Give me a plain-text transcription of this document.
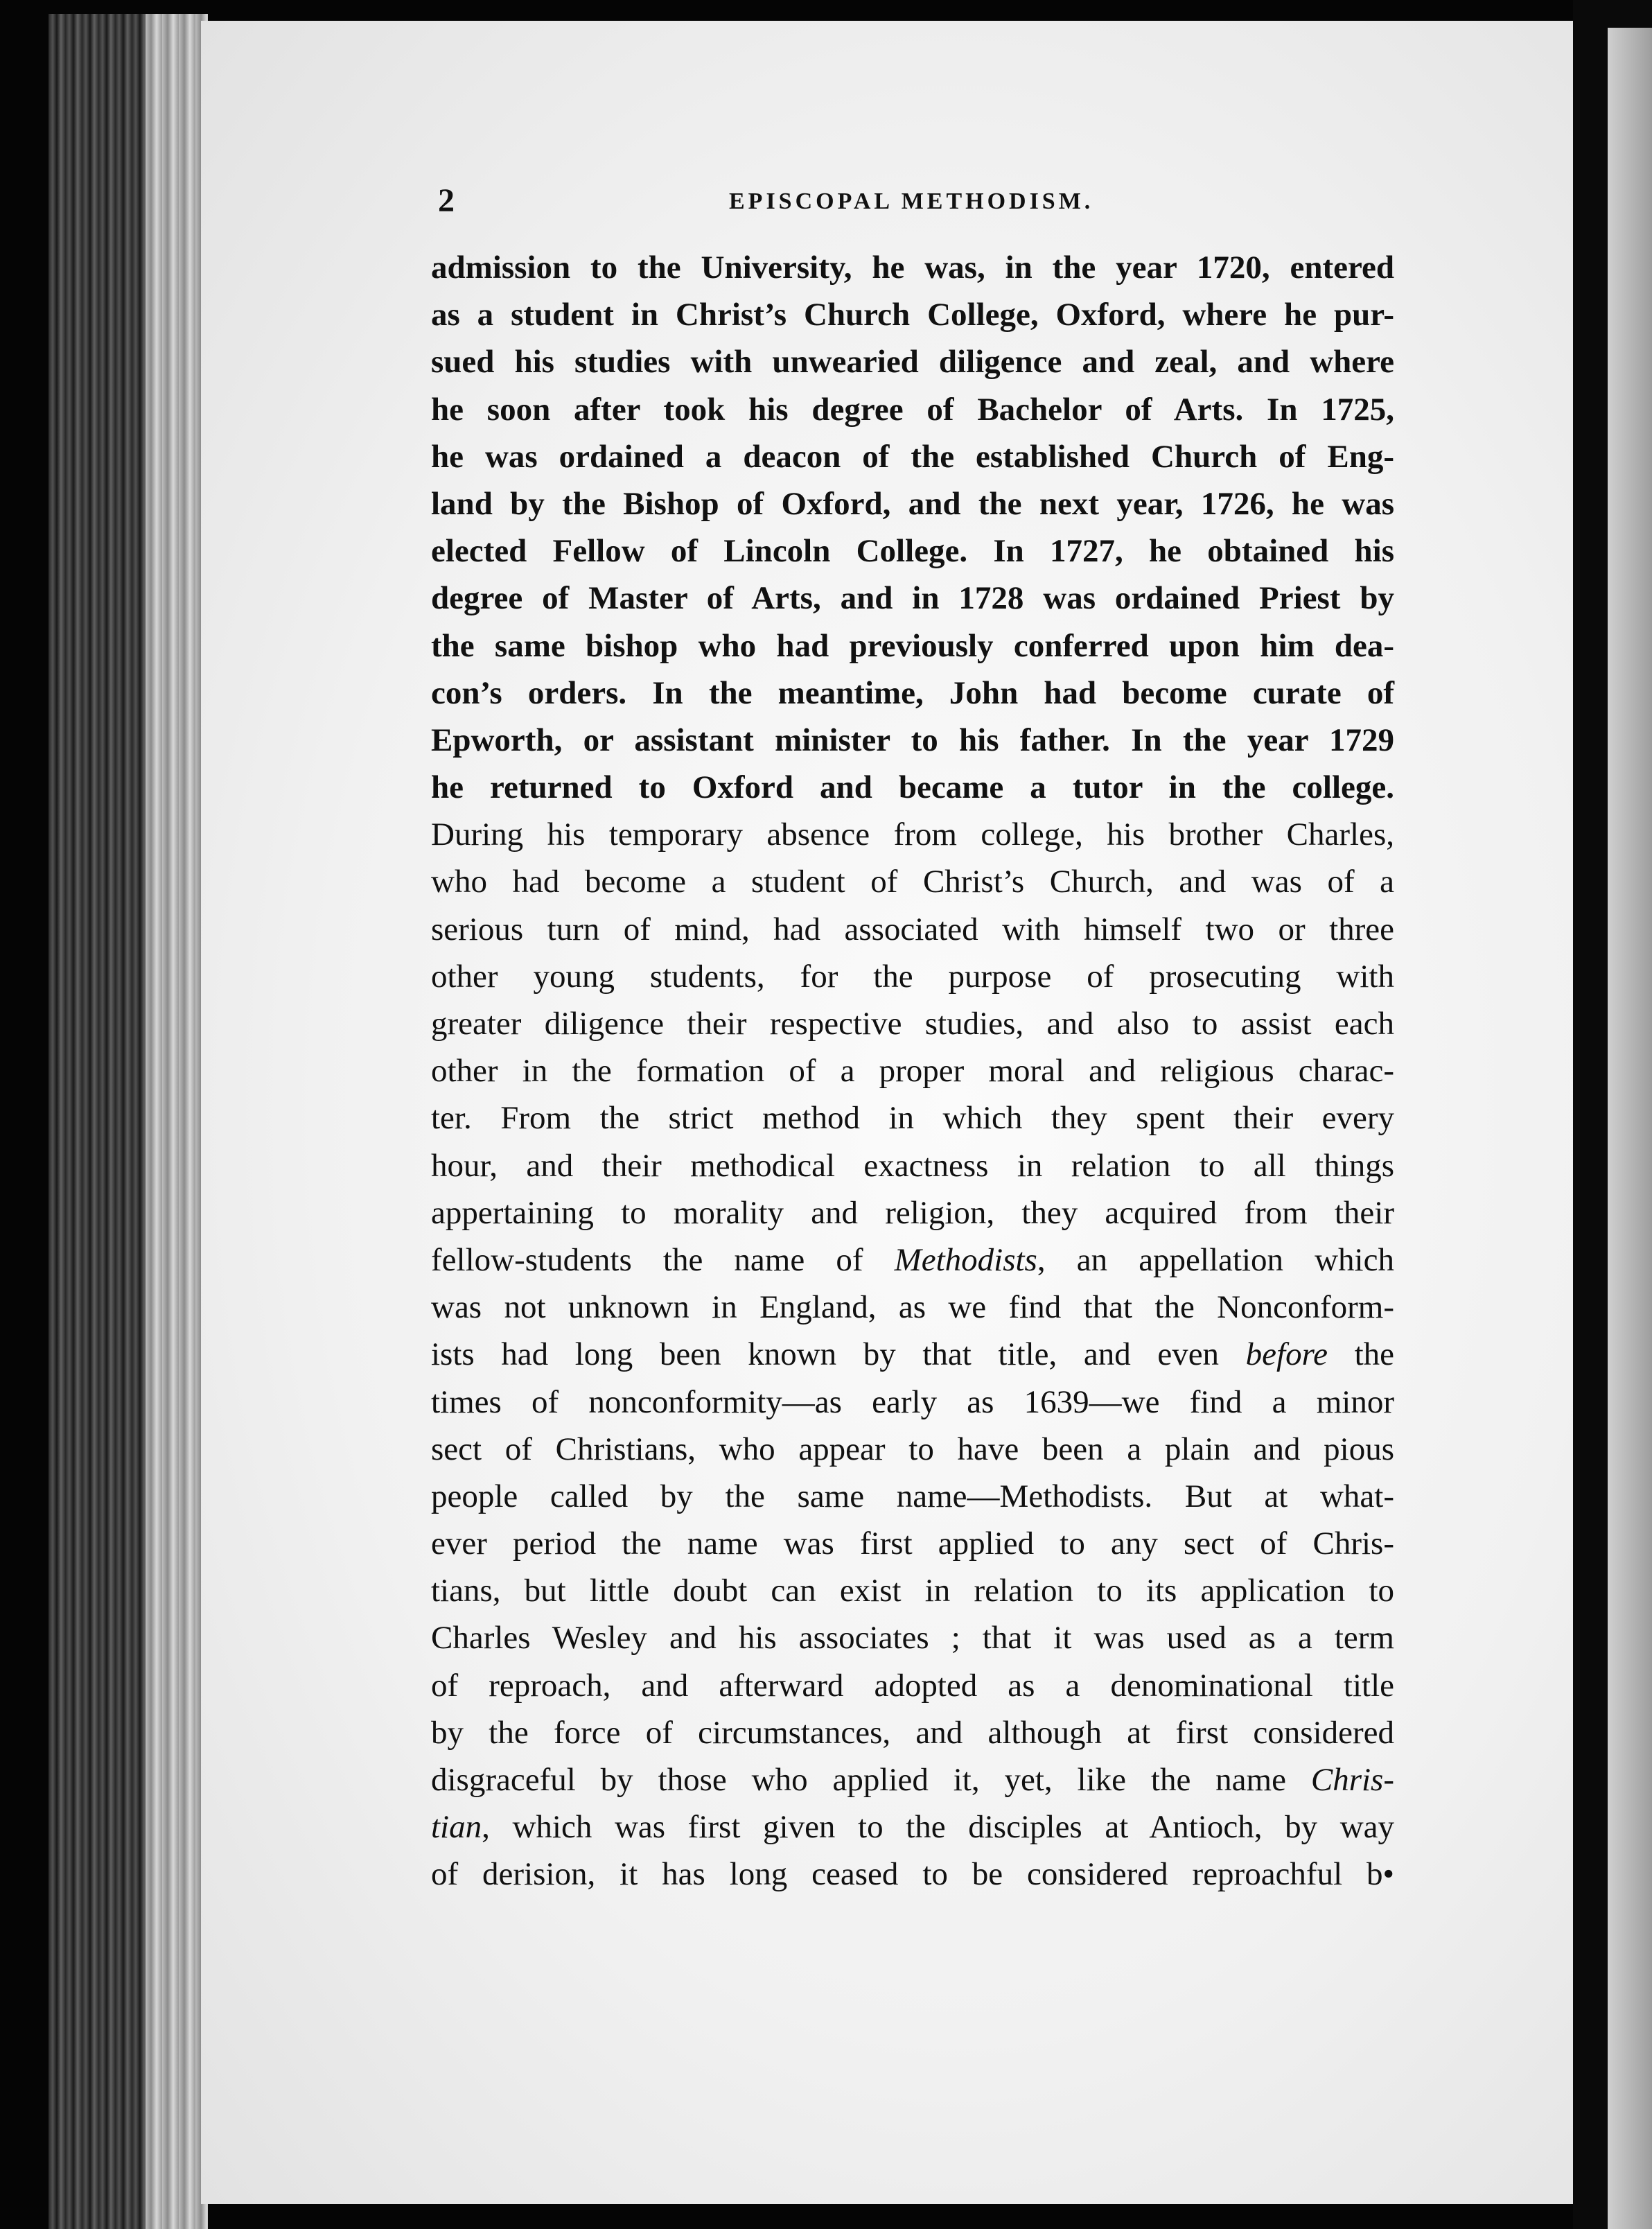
2	EPISCOPAL METHODISM.
admission to the University, he was, in the year 1720, entered
as a student in Christ’s Church College, Oxford, where he pur-
sued his studies with unwearied diligence and zeal, and where
he soon after took his degree of Bachelor of Arts. In 1725,
he was ordained a deacon of the established Church of Eng-
land by the Bishop of Oxford, and the next year, 1726, he was
elected Fellow of Lincoln College. In 1727, he obtained his
degree of Master of Arts, and in 1728 was ordained Priest by
the same bishop who had previously conferred upon him dea-
con’s orders. In the meantime, John had become curate of
Epworth, or assistant minister to his father. In the year 1729
he returned to Oxford and became a tutor in the college.
During his temporary absence from college, his brother Charles,
who had become a student of Christ’s Church, and was of a
serious turn of mind, had associated with himself two or three
other young students, for the purpose of prosecuting with
greater diligence their respective studies, and also to assist each
other in the formation of a proper moral and religious charac-
ter. From the strict method in which they spent their every
hour, and their methodical exactness in relation to all things
appertaining to morality and religion, they acquired from their
fellow-students the name of Methodists, an appellation which
was not unknown in England, as we find that the Nonconform-
ists had long been known by that title, and even before the
times of nonconformity—as early as 1639—we find a minor
sect of Christians, who appear to have been a plain and pious
people called by the same name—Methodists. But at what-
ever period the name was first applied to any sect of Chris-
tians, but little doubt can exist in relation to its application to
Charles Wesley and his associates ; that it was used as a term
of reproach, and afterward adopted as a denominational title
by the force of circumstances, and although at first considered
disgraceful by those who applied it, yet, like the name Chris-
tian, which was first given to the disciples at Antioch, by way
of derision, it has long ceased to be considered reproachful b•
